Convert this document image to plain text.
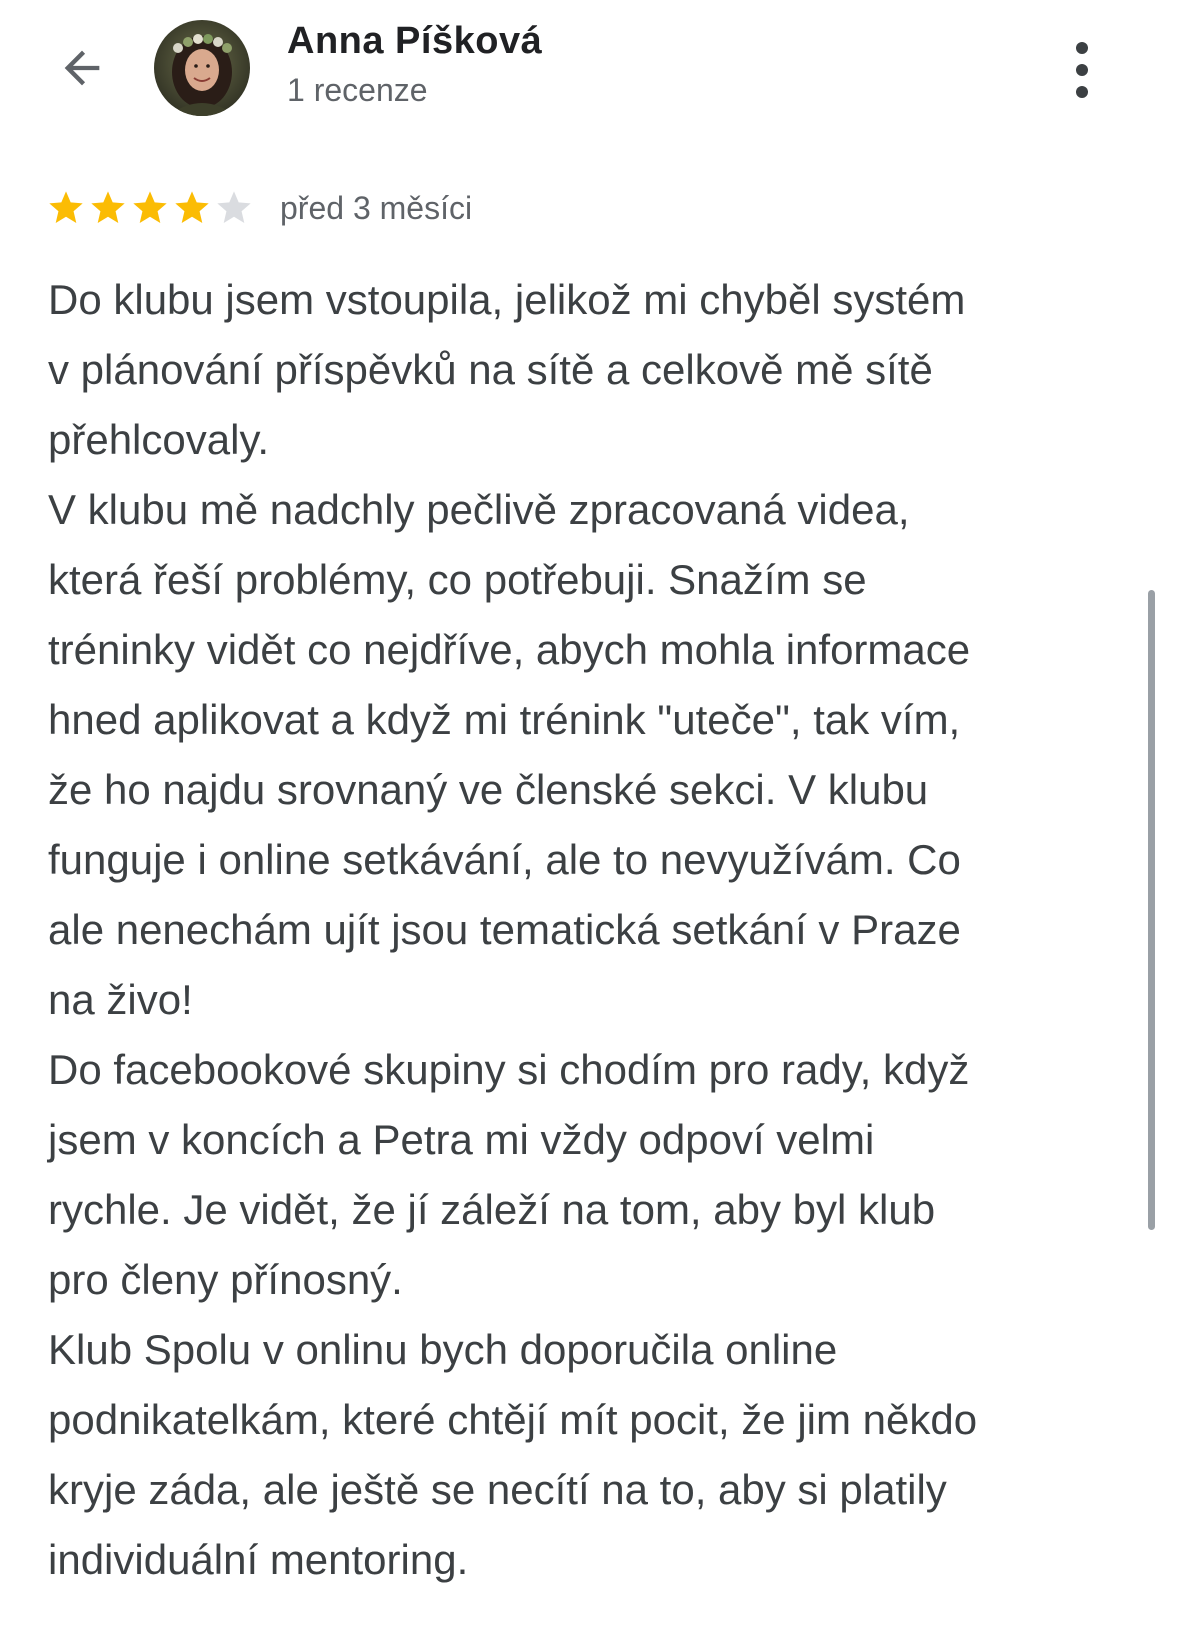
Anna Píšková
1 recenze
před 3 měsíci

Do klubu jsem vstoupila, jelikož mi chyběl systém
v plánování příspěvků na sítě a celkově mě sítě
přehlcovaly.

V klubu mě nadchly pečlivě zpracovaná videa,
která řeší problémy, co potřebuji. Snažím se
tréninky vidět co nejdříve, abych mohla informace
hned aplikovat a když mi trénink "uteče", tak vím,
že ho najdu srovnaný ve členské sekci. V klubu
funguje i online setkávání, ale to nevyužívám. Co
ale nenechám ujít jsou tematická setkání v Praze
na živo!

Do facebookové skupiny si chodím pro rady, když
jsem v koncích a Petra mi vždy odpoví velmi
rychle. Je vidět, že jí záleží na tom, aby byl klub
pro členy přínosný.

Klub Spolu v onlinu bych doporučila online
podnikatelkám, které chtějí mít pocit, že jim někdo
kryje záda, ale ještě se necítí na to, aby si platily
individuální mentoring.
